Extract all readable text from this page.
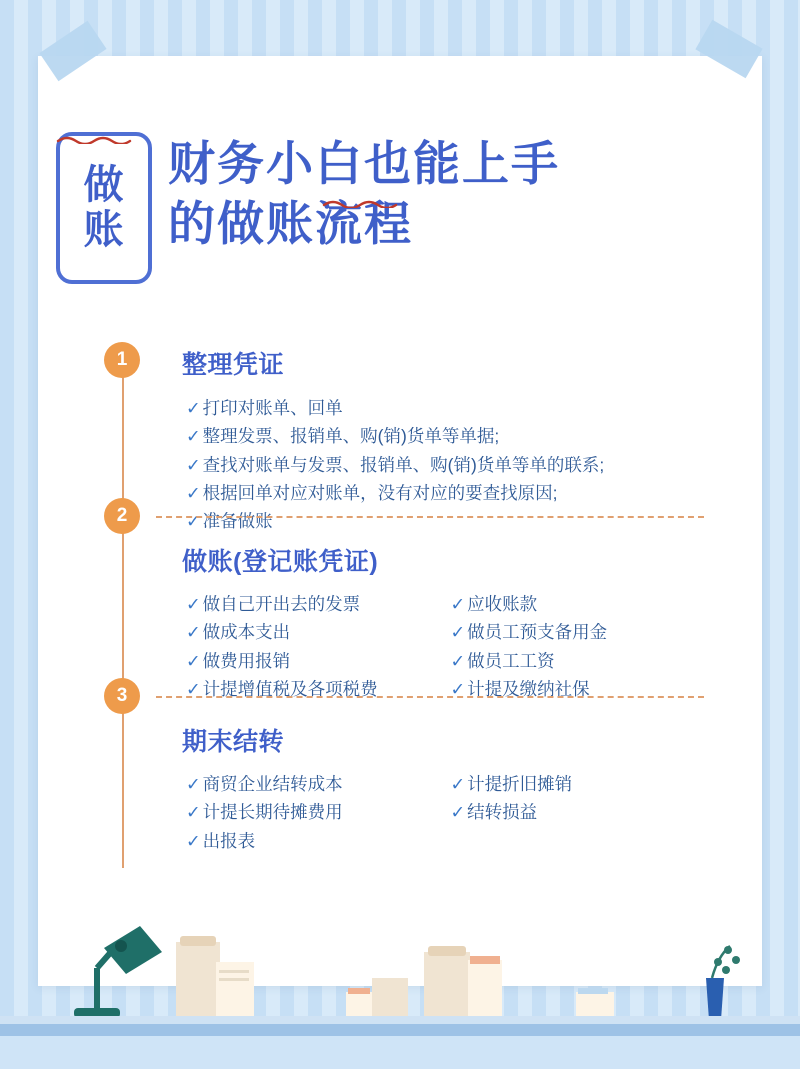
做
账
财务小白也能上手
的做账流程
1	整理凭证
✓ 打印对账单、回单
✓ 整理发票、报销单、购(销)货单等单据;
✓ 查找对账单与发票、报销单、购(销)货单等单的联系;
✓ 根据回单对应对账单，没有对应的要查找原因;
✓ 准备做账
2
做账(登记账凭证)
✓ 做自己开出去的发票
✓ 做成本支出
✓ 做费用报销
✓ 计提增值税及各项税费

✓ 应收账款
✓ 做员工预支备用金
✓ 做员工工资
✓ 计提及缴纳社保
3
期末结转
✓ 商贸企业结转成本
✓ 计提长期待摊费用
✓ 出报表

✓ 计提折旧摊销
✓ 结转损益
